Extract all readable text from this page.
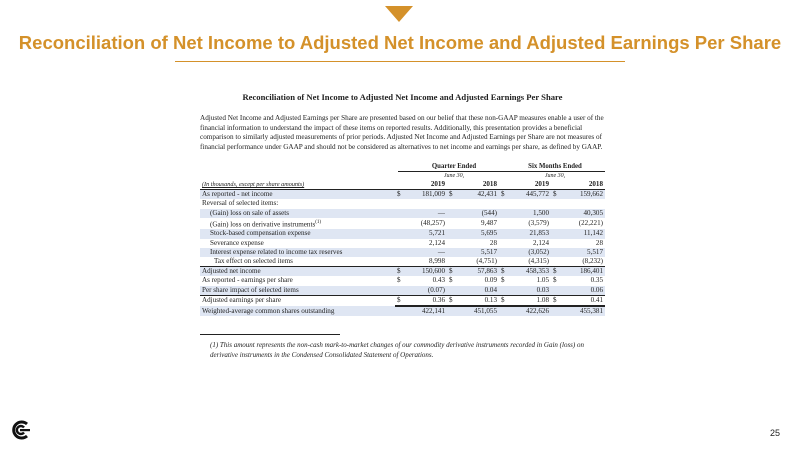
Reconciliation of Net Income to Adjusted Net Income and Adjusted Earnings Per Share
Reconciliation of Net Income to Adjusted Net Income and Adjusted Earnings Per Share

Adjusted Net Income and Adjusted Earnings per Share are presented based on our belief that these non-GAAP measures enable a user of the financial information to understand the impact of these items on reported results. Additionally, this presentation provides a beneficial comparison to similarly adjusted measurements of prior periods. Adjusted Net Income and Adjusted Earnings per Share are not measures of financial performance under GAAP and should not be considered as alternatives to net income and earnings per share, as defined by GAAP.

Quarter Ended
June 30,
Six Months Ended
June 30,
(In thousands, except per share amounts)		2019		2018		2019		2018
As reported - net income	$	181,009	$	42,431	$	445,772	$	159,662
Reversal of selected items:								
(Gain) loss on sale of assets		—		(544)		1,500		40,305
(Gain) loss on derivative instruments$^{(1)}$		(48,257)		9,487		(3,579)		(22,221)
Stock-based compensation expense		5,721		5,695		21,853		11,142
Severance expense		2,124		28		2,124		28
Interest expense related to income tax reserves		—		5,517		(3,052)		5,517
Tax effect on selected items		8,998		(4,751)		(4,315)		(8,232)
Adjusted net income	$	150,600	$	57,863	$	458,353	$	186,401
As reported - earnings per share	$	0.43	$	0.09	$	1.05	$	0.35
Per share impact of selected items		(0.07)		0.04		0.03		0.06
Adjusted earnings per share	$	0.36	$	0.13	$	1.08	$	0.41
Weighted-average common shares outstanding		422,141		451,055		422,626		455,381
(1) This amount represents the non-cash mark-to-market changes of our commodity derivative instruments recorded in Gain (loss) on derivative instruments in the Condensed Consolidated Statement of Operations.
25
